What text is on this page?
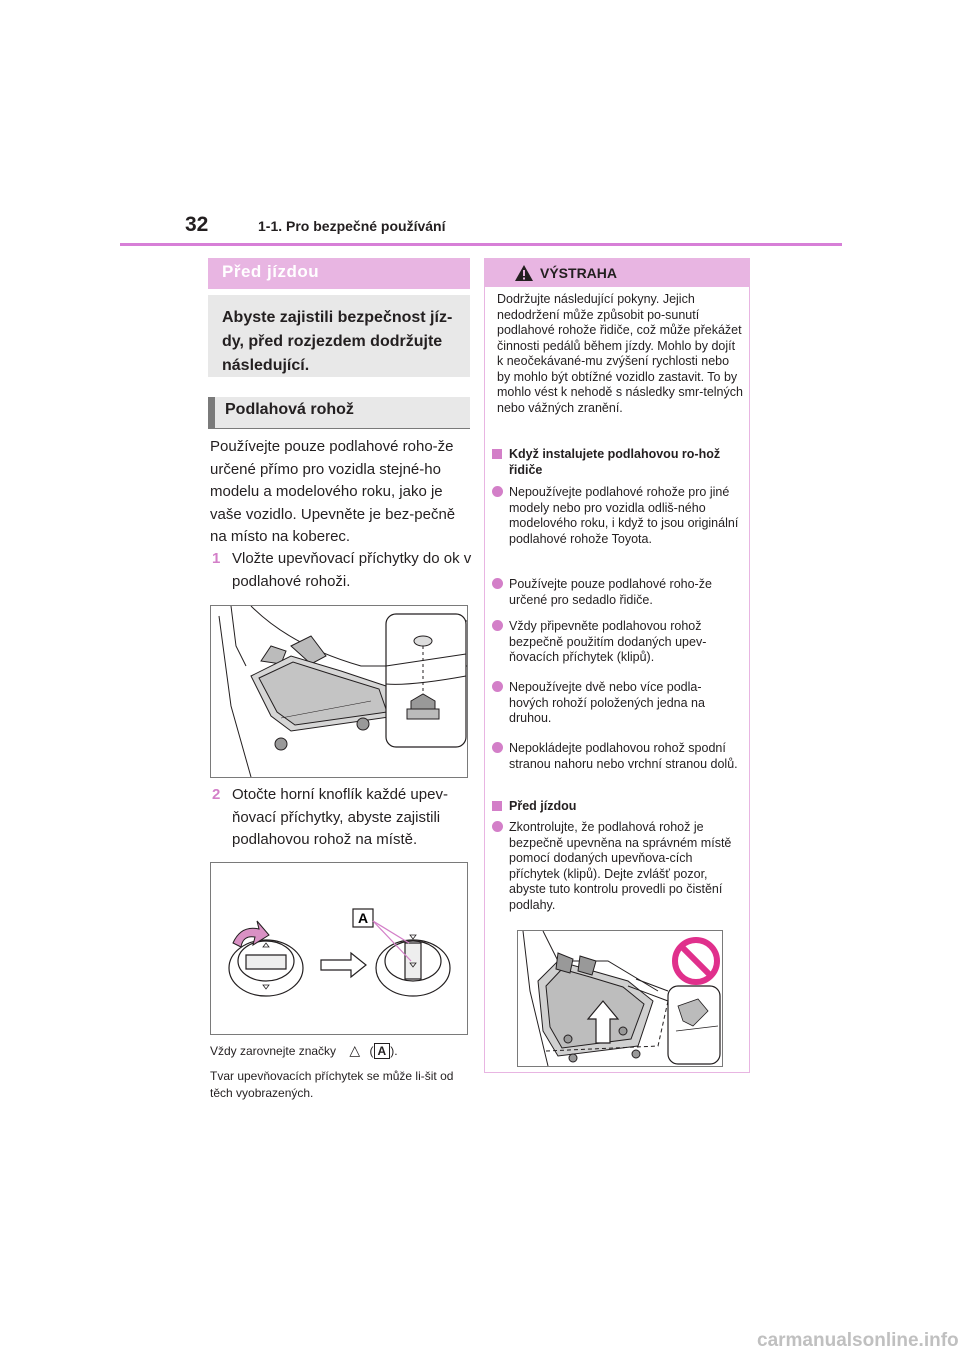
32	1-1. Pro bezpečné používání
Před jízdou
Abyste zajistili bezpečnost jíz-dy, před rozjezdem dodržujte následující.
Podlahová rohož
Používejte pouze podlahové roho-že určené přímo pro vozidla stejné-ho modelu a modelového roku, jako je vaše vozidlo. Upevněte je bez-pečně na místo na koberec.
1 Vložte upevňovací příchytky do ok v podlahové rohoži.
2 Otočte horní knoflík každé upev-ňovací příchytky, abyste zajistili podlahovou rohož na místě.
A
Vždy zarovnejte značky △ ( A ).
Tvar upevňovacích příchytek se může li-šit od těch vyobrazených.
VÝSTRAHA
Dodržujte následující pokyny. Jejich nedodržení může způsobit po-sunutí podlahové rohože řidiče, což může překážet činnosti pedálů během jízdy. Mohlo by dojít k neočekávané-mu zvýšení rychlosti nebo by mohlo být obtížné vozidlo zastavit. To by mohlo vést k nehodě s následky smr-telných nebo vážných zranění.
Když instalujete podlahovou ro-hož řidiče
Nepoužívejte podlahové rohože pro jiné modely nebo pro vozidla odliš-ného modelového roku, i když to jsou originální podlahové rohože Toyota.
Používejte pouze podlahové roho-že určené pro sedadlo řidiče.
Vždy připevněte podlahovou rohož bezpečně použitím dodaných upev-ňovacích příchytek (klipů).
Nepoužívejte dvě nebo více podla-hových rohoží položených jedna na druhou.
Nepokládejte podlahovou rohož spodní stranou nahoru nebo vrchní stranou dolů.
Před jízdou
Zkontrolujte, že podlahová rohož je bezpečně upevněna na správném místě pomocí dodaných upevňova-cích příchytek (klipů). Dejte zvlášť pozor, abyste tuto kontrolu provedli po čistění podlahy.
carmanualsonline.info
